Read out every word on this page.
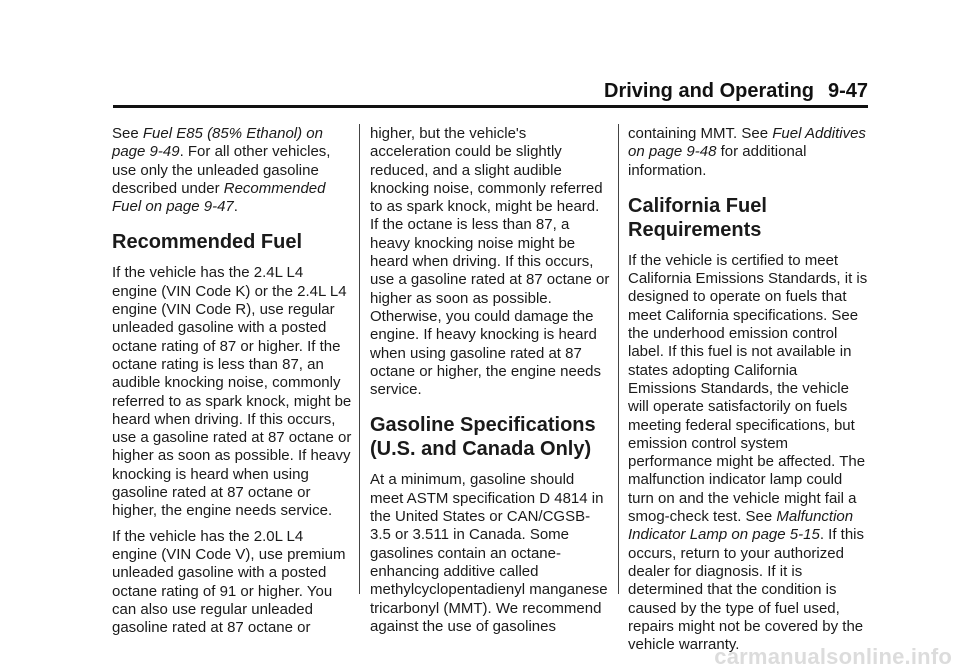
Driving and Operating 9-47

See Fuel E85 (85% Ethanol) on page 9-49. For all other vehicles, use only the unleaded gasoline described under Recommended Fuel on page 9-47.

Recommended Fuel

If the vehicle has the 2.4L L4 engine (VIN Code K) or the 2.4L L4 engine (VIN Code R), use regular unleaded gasoline with a posted octane rating of 87 or higher. If the octane rating is less than 87, an audible knocking noise, commonly referred to as spark knock, might be heard when driving. If this occurs, use a gasoline rated at 87 octane or higher as soon as possible. If heavy knocking is heard when using gasoline rated at 87 octane or higher, the engine needs service.

If the vehicle has the 2.0L L4 engine (VIN Code V), use premium unleaded gasoline with a posted octane rating of 91 or higher. You can also use regular unleaded gasoline rated at 87 octane or

higher, but the vehicle's acceleration could be slightly reduced, and a slight audible knocking noise, commonly referred to as spark knock, might be heard. If the octane is less than 87, a heavy knocking noise might be heard when driving. If this occurs, use a gasoline rated at 87 octane or higher as soon as possible. Otherwise, you could damage the engine. If heavy knocking is heard when using gasoline rated at 87 octane or higher, the engine needs service.

Gasoline Specifications (U.S. and Canada Only)

At a minimum, gasoline should meet ASTM specification D 4814 in the United States or CAN/CGSB-3.5 or 3.511 in Canada. Some gasolines contain an octane-enhancing additive called methylcyclopentadienyl manganese tricarbonyl (MMT). We recommend against the use of gasolines

containing MMT. See Fuel Additives on page 9-48 for additional information.

California Fuel Requirements

If the vehicle is certified to meet California Emissions Standards, it is designed to operate on fuels that meet California specifications. See the underhood emission control label. If this fuel is not available in states adopting California Emissions Standards, the vehicle will operate satisfactorily on fuels meeting federal specifications, but emission control system performance might be affected. The malfunction indicator lamp could turn on and the vehicle might fail a smog-check test. See Malfunction Indicator Lamp on page 5-15. If this occurs, return to your authorized dealer for diagnosis. If it is determined that the condition is caused by the type of fuel used, repairs might not be covered by the vehicle warranty.

carmanualsonline.info
